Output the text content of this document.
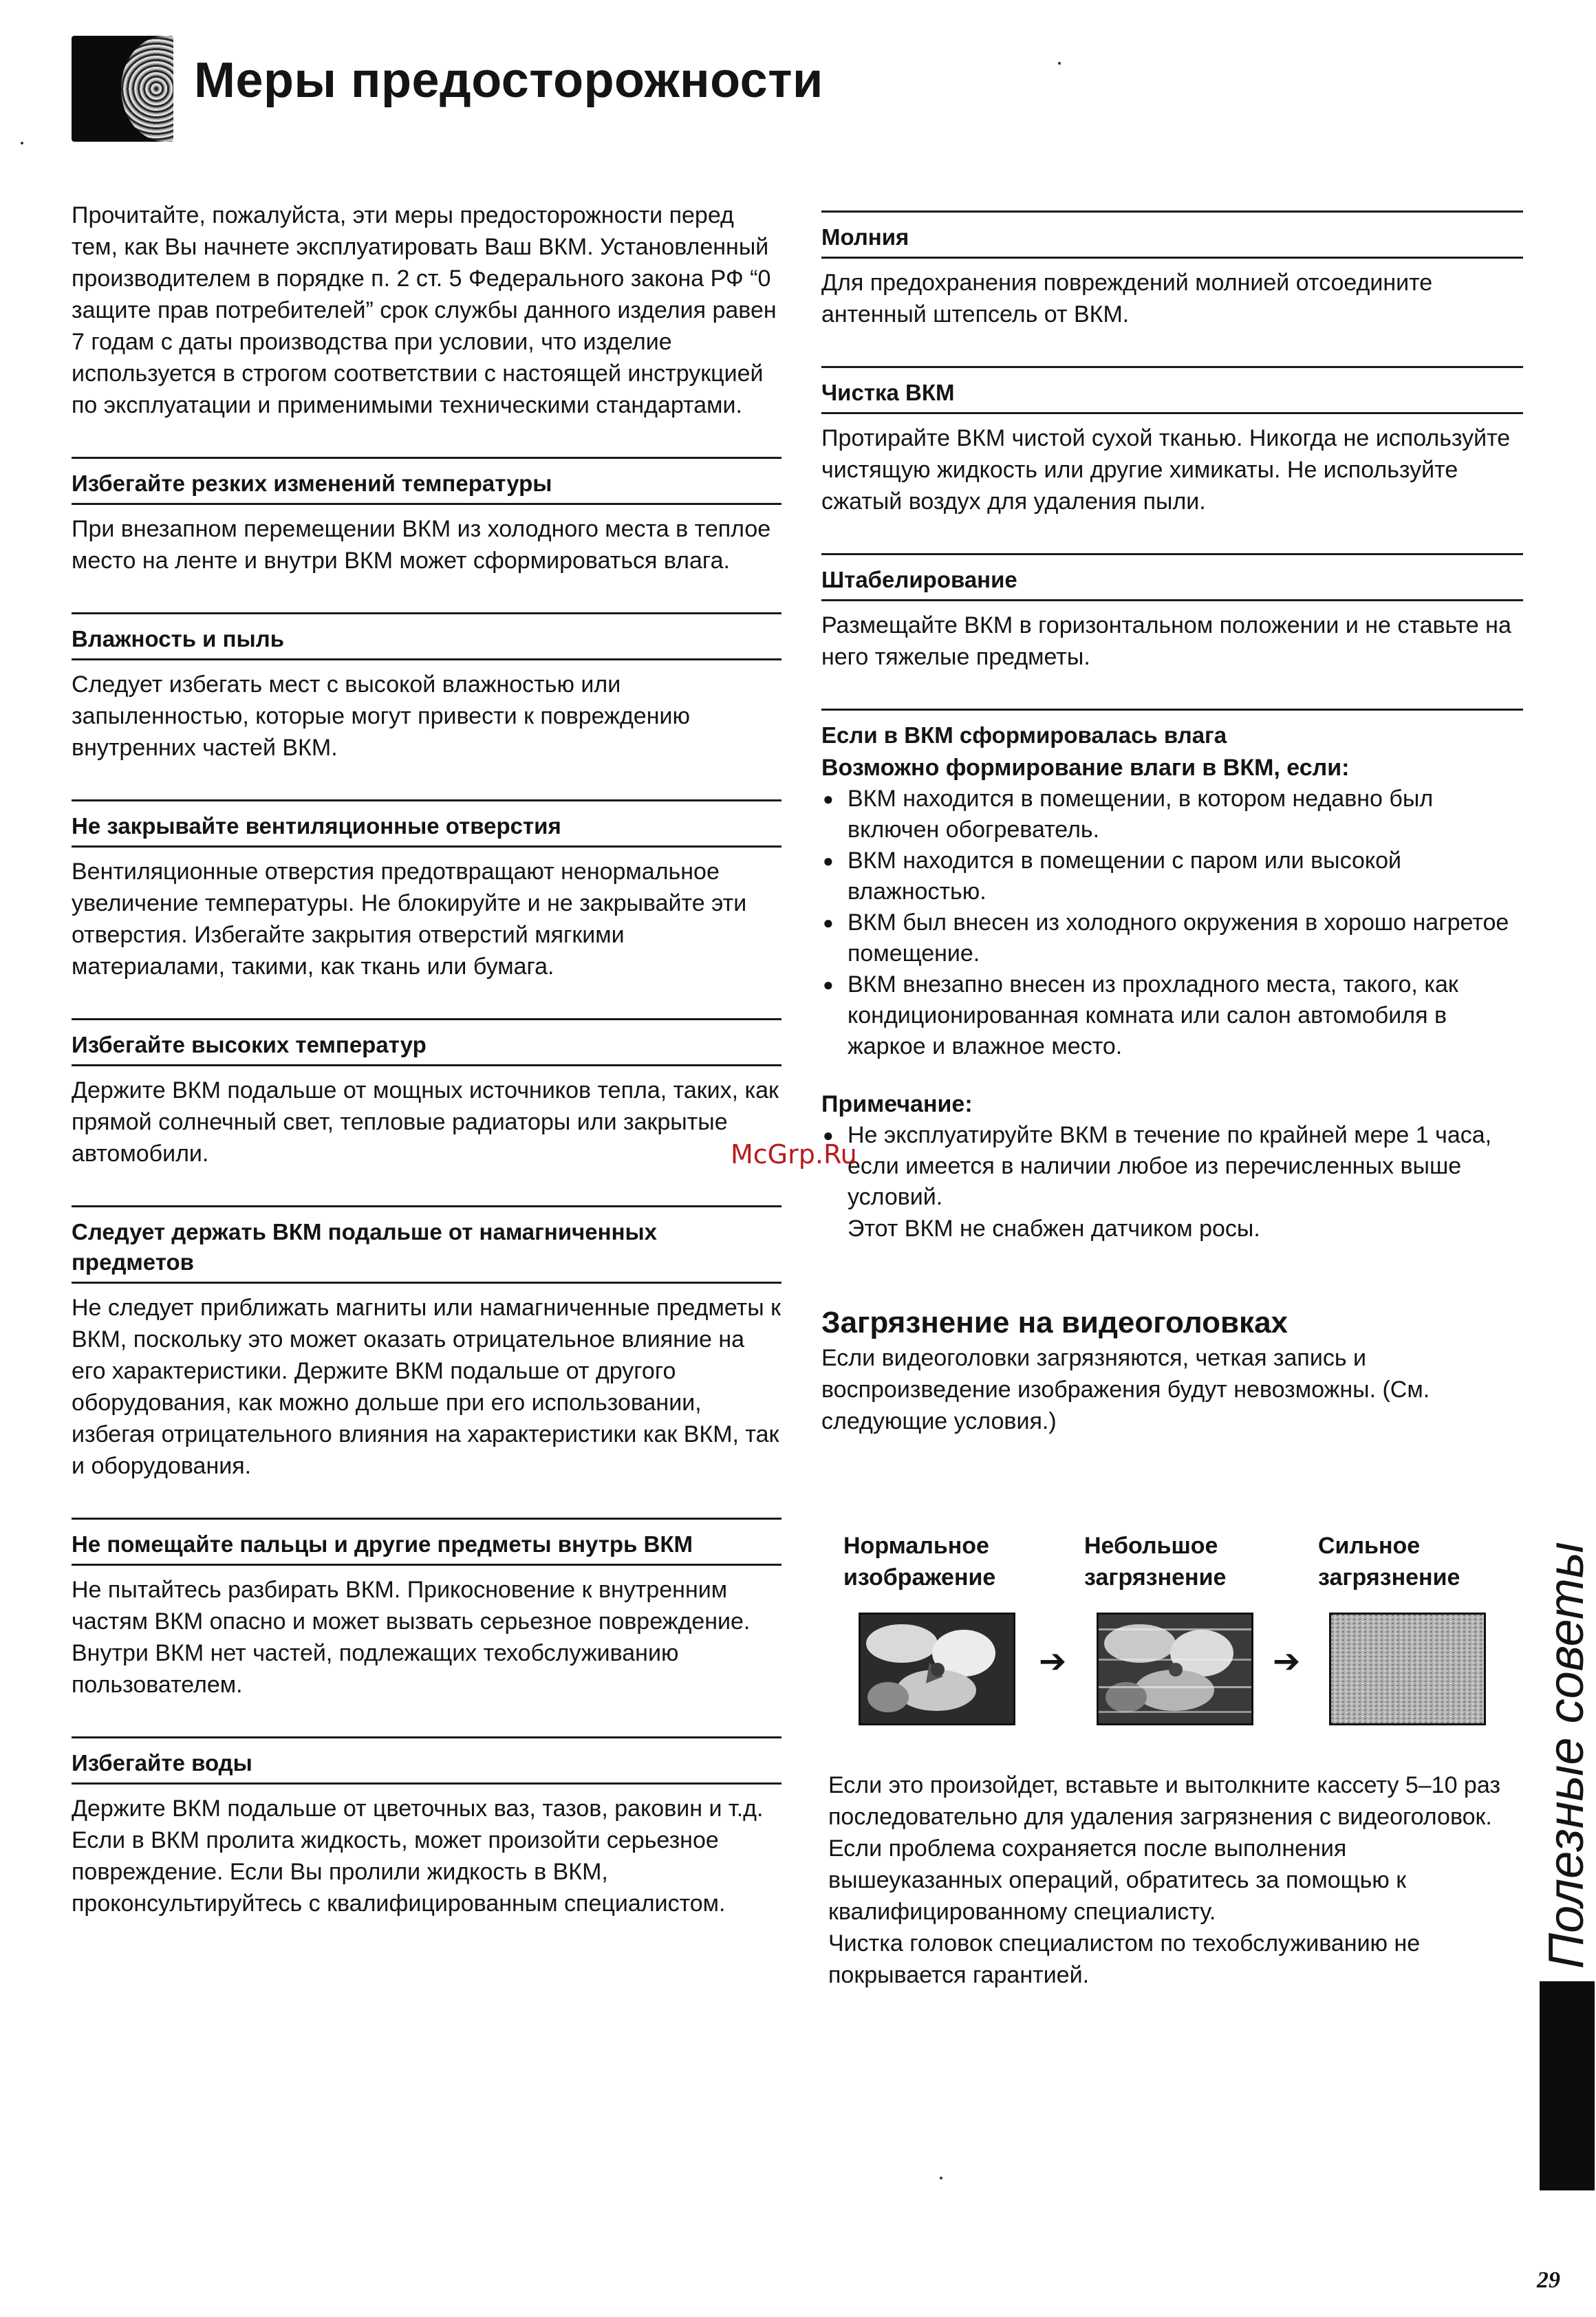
Меры предосторожности

Прочитайте, пожалуйста, эти меры предосторожности перед тем, как Вы начнете эксплуатировать Ваш ВКМ. Установленный производителем в порядке п. 2 ст. 5 Федерального закона РФ “0 защите прав потребителей” срок службы данного изделия равен 7 годам с даты производства при условии, что изделие используется в строгом соответствии с настоящей инструкцией по эксплуатации и применимыми техническими стандартами.

Избегайте резких изменений температуры

При внезапном перемещении ВКМ из холодного места в теплое место на ленте и внутри ВКМ может сформироваться влага.

Влажность и пыль

Следует избегать мест с высокой влажностью или запыленностью, которые могут привести к повреждению внутренних частей ВКМ.

Не закрывайте вентиляционные отверстия

Вентиляционные отверстия предотвращают ненормальное увеличение температуры. Не блокируйте и не закрывайте эти отверстия. Избегайте закрытия отверстий мягкими материалами, такими, как ткань или бумага.

Избегайте высоких температур

Держите ВКМ подальше от мощных источников тепла, таких, как прямой солнечный свет, тепловые радиаторы или закрытые автомобили.

Следует держать ВКМ подальше от намагниченных предметов

Не следует приближать магниты или намагниченные предметы к ВКМ, поскольку это может оказать отрицательное влияние на его характеристики. Держите ВКМ подальше от другого оборудования, как можно дольше при его использовании, избегая отрицательного влияния на характеристики как ВКМ, так и оборудования.

Не помещайте пальцы и другие предметы внутрь ВКМ

Не пытайтесь разбирать ВКМ. Прикосновение к внутренним частям ВКМ опасно и может вызвать серьезное повреждение. Внутри ВКМ нет частей, подлежащих техобслуживанию пользователем.

Избегайте воды

Держите ВКМ подальше от цветочных ваз, тазов, раковин и т.д. Если в ВКМ пролита жидкость, может произойти серьезное повреждение. Если Вы пролили жидкость в ВКМ, проконсультируйтесь с квалифицированным специалистом.

Молния

Для предохранения повреждений молнией отсоедините антенный штепсель от ВКМ.

Чистка ВКМ

Протирайте ВКМ чистой сухой тканью. Никогда не используйте чистящую жидкость или другие химикаты. Не используйте сжатый воздух для удаления пыли.

Штабелирование

Размещайте ВКМ в горизонтальном положении и не ставьте на него тяжелые предметы.

Если в ВКМ сформировалась влага
Возможно формирование влаги в ВКМ, если:
● ВКМ находится в помещении, в котором недавно был включен обогреватель.
● ВКМ находится в помещении с паром или высокой влажностью.
● ВКМ был внесен из холодного окружения в хорошо нагретое помещение.
● ВКМ внезапно внесен из прохладного места, такого, как кондиционированная комната или салон автомобиля в жаркое и влажное место.
Примечание:
● Не эксплуатируйте ВКМ в течение по крайней мере 1 часа, если имеется в наличии любое из перечисленных выше условий.

Этот ВКМ не снабжен датчиком росы.

Загрязнение на видеоголовках

Если видеоголовки загрязняются, четкая запись и воспроизведение изображения будут невозможны. (См. следующие условия.)

Нормальное изображение
Небольшое загрязнение
Сильное загрязнение
➔	➔

Если это произойдет, вставьте и вытолкните кассету 5–10 раз последовательно для удаления загрязнения с видеоголовок.

Если проблема сохраняется после выполнения вышеуказанных операций, обратитесь за помощью к квалифицированному специалисту.

Чистка головок специалистом по техобслуживанию не покрывается гарантией.

Полезные советы
McGrp.Ru
29
